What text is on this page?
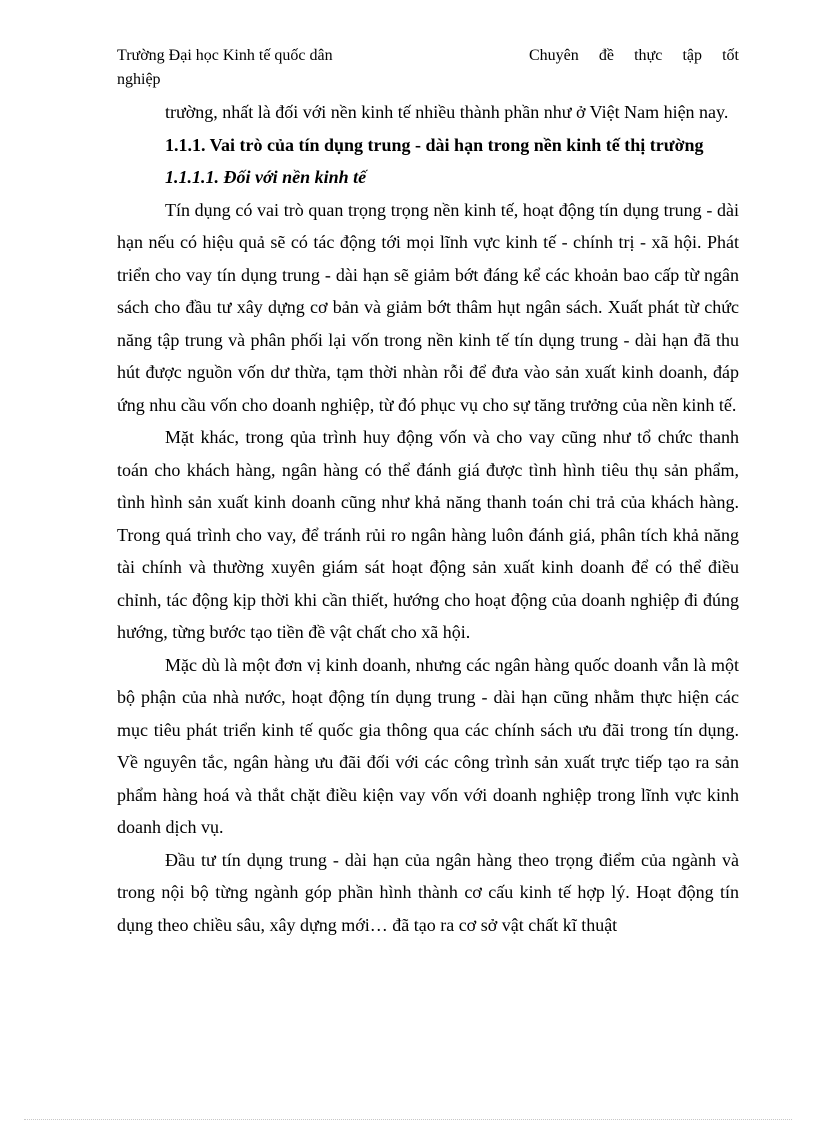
Trường Đại học Kinh tế quốc dân	Chuyên đề thực tập tốt
nghiệp

trường, nhất là đối với nền kinh tế nhiều thành phần như ở Việt Nam hiện nay.

1.1.1. Vai trò của tín dụng trung - dài hạn trong nền kinh tế thị trường

1.1.1.1. Đối với nền kinh tế

Tín dụng có vai trò quan trọng trọng nền kinh tế, hoạt động tín dụng trung - dài hạn nếu có hiệu quả sẽ có tác động tới mọi lĩnh vực kinh tế - chính trị - xã hội. Phát triển cho vay tín dụng trung - dài hạn sẽ giảm bớt đáng kể các khoản bao cấp từ ngân sách cho đầu tư xây dựng cơ bản và giảm bớt thâm hụt ngân sách. Xuất phát từ chức năng tập trung và phân phối lại vốn trong nền kinh tế tín dụng trung - dài hạn đã thu hút được nguồn vốn dư thừa, tạm thời nhàn rỗi để đưa vào sản xuất kinh doanh, đáp ứng nhu cầu vốn cho doanh nghiệp, từ đó phục vụ cho sự tăng trưởng của nền kinh tế.

Mặt khác, trong qủa trình huy động vốn và cho vay cũng như tổ chức thanh toán cho khách hàng, ngân hàng có thể đánh giá được tình hình tiêu thụ sản phẩm, tình hình sản xuất kinh doanh cũng như khả năng thanh toán chi trả của khách hàng. Trong quá trình cho vay, để tránh rủi ro ngân hàng luôn đánh giá, phân tích khả năng tài chính và thường xuyên giám sát hoạt động sản xuất kinh doanh để có thể điều chỉnh, tác động kịp thời khi cần thiết, hướng cho hoạt động của doanh nghiệp đi đúng hướng, từng bước tạo tiền đề vật chất cho xã hội.

Mặc dù là một đơn vị kinh doanh, nhưng các ngân hàng quốc doanh vẫn là một bộ phận của nhà nước, hoạt động tín dụng trung - dài hạn cũng nhằm thực hiện các mục tiêu phát triển kinh tế quốc gia thông qua các chính sách ưu đãi trong tín dụng. Về nguyên tắc, ngân hàng ưu đãi đối với các công trình sản xuất trực tiếp tạo ra sản phẩm hàng hoá và thắt chặt điều kiện vay vốn với doanh nghiệp trong lĩnh vực kinh doanh dịch vụ.

Đầu tư tín dụng trung - dài hạn của ngân hàng theo trọng điểm của ngành và trong nội bộ từng ngành góp phần hình thành cơ cấu kinh tế hợp lý. Hoạt động tín dụng theo chiều sâu, xây dựng mới… đã tạo ra cơ sở vật chất kĩ thuật
